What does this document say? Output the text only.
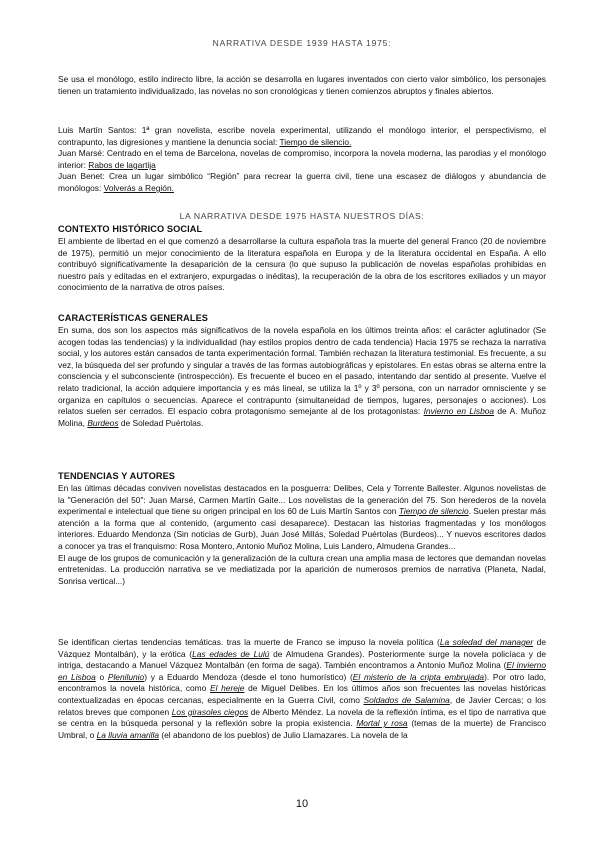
NARRATIVA DESDE 1939 HASTA 1975:

Se usa el monólogo, estilo indirecto libre, la acción se desarrolla en lugares inventados con cierto valor simbólico, los personajes tienen un tratamiento individualizado, las novelas no son cronológicas y tienen comienzos abruptos y finales abiertos.

Luis Martín Santos: 1ª gran novelista, escribe novela experimental, utilizando el monólogo interior, el perspectivismo, el contrapunto, las digresiones y mantiene la denuncia social: Tiempo de silencio.

Juan Marsé: Centrado en el tema de Barcelona, novelas de compromiso, incorpora la novela moderna, las parodias y el monólogo interior: Rabos de lagartija

Juan Benet: Crea un lugar simbólico “Región” para recrear la guerra civil, tiene una escasez de diálogos y abundancia de monólogos: Volverás a Región.

LA NARRATIVA DESDE 1975 HASTA NUESTROS DÍAS:

CONTEXTO HISTÓRICO SOCIAL

El ambiente de libertad en el que comenzó a desarrollarse la cultura española tras la muerte del general Franco (20 de noviembre de 1975), permitió un mejor conocimiento de la literatura española en Europa y de la literatura occidental en España. A ello contribuyó significativamente la desaparición de la censura (lo que supuso la publicación de novelas españolas prohibidas en nuestro país y editadas en el extranjero, expurgadas o inéditas), la recuperación de la obra de los escritores exiliados y un mayor conocimiento de la narrativa de otros países.

CARACTERÍSTICAS GENERALES

En suma, dos son los aspectos más significativos de la novela española en los últimos treinta años: el carácter aglutinador (Se acogen todas las tendencias) y la individualidad (hay estilos propios dentro de cada tendencia) Hacia 1975 se rechaza la narrativa social, y los autores están cansados de tanta experimentación formal. También rechazan la literatura testimonial. Es frecuente, a su vez, la búsqueda del ser profundo y singular a través de las formas autobiográficas y epistolares. En estas obras se alterna entre la consciencia y el subconsciente (introspección). Es frecuente el buceo en el pasado, intentando dar sentido al presente. Vuelve el relato tradicional, la acción adquiere importancia y es más lineal, se utiliza la 1º y 3º persona, con un narrador omnisciente y se organiza en capítulos o secuencias. Aparece el contrapunto (simultaneidad de tiempos, lugares, personajes o acciones). Los relatos suelen ser cerrados. El espacio cobra protagonismo semejante al de los protagonistas: Invierno en Lisboa de A. Muñoz Molina, Burdeos de Soledad Puértolas.

TENDENCIAS Y AUTORES

En las últimas décadas conviven novelistas destacados en la posguerra: Delibes, Cela y Torrente Ballester. Algunos novelistas de la "Generación del 50": Juan Marsé, Carmen Martín Gaite... Los novelistas de la generación del 75. Son herederos de la novela experimental e intelectual que tiene su origen principal en los 60 de Luis Martín Santos con Tiempo de silencio. Suelen prestar más atención a la forma que al contenido, (argumento casi desaparece). Destacan las historias fragmentadas y los monólogos interiores. Eduardo Mendonza (Sin noticias de Gurb), Juan José Millás, Soledad Puértolas (Burdeos)... Y nuevos escritores dados a conocer ya tras el franquismo: Rosa Montero, Antonio Muñoz Molina, Luis Landero, Almudena Grandes...

El auge de los grupos de comunicación y la generalización de la cultura crean una amplia masa de lectores que demandan novelas entretenidas. La producción narrativa se ve mediatizada por la aparición de numerosos premios de narrativa (Planeta, Nadal, Sonrisa vertical...)

Se identifican ciertas tendencias temáticas. tras la muerte de Franco se impuso la novela política (La soledad del manager de Vázquez Montalbán), y la erótica (Las edades de Lulú de Almudena Grandes). Posteriormente surge la novela policíaca y de intriga, destacando a Manuel Vázquez Montalbán (en forma de saga). También encontramos a Antonio Muñoz Molina (El invierno en Lisboa o Plenilunio) y a Eduardo Mendoza (desde el tono humorístico) (El misterio de la cripta embrujada). Por otro lado, encontramos la novela histórica, como El hereje de Miguel Delibes. En los últimos años son frecuentes las novelas históricas contextualizadas en épocas cercanas, especialmente en la Guerra Civil, como Soldados de Salamina, de Javier Cercas; o los relatos breves que componen Los girasoles ciegos de Alberto Méndez. La novela de la reflexión íntima, es el tipo de narrativa que se centra en la búsqueda personal y la reflexión sobre la propia existencia. Mortal y rosa (temas de la muerte) de Francisco Umbral, o La lluvia amarilla (el abandono de los pueblos) de Julio Llamazares. La novela de la

10
